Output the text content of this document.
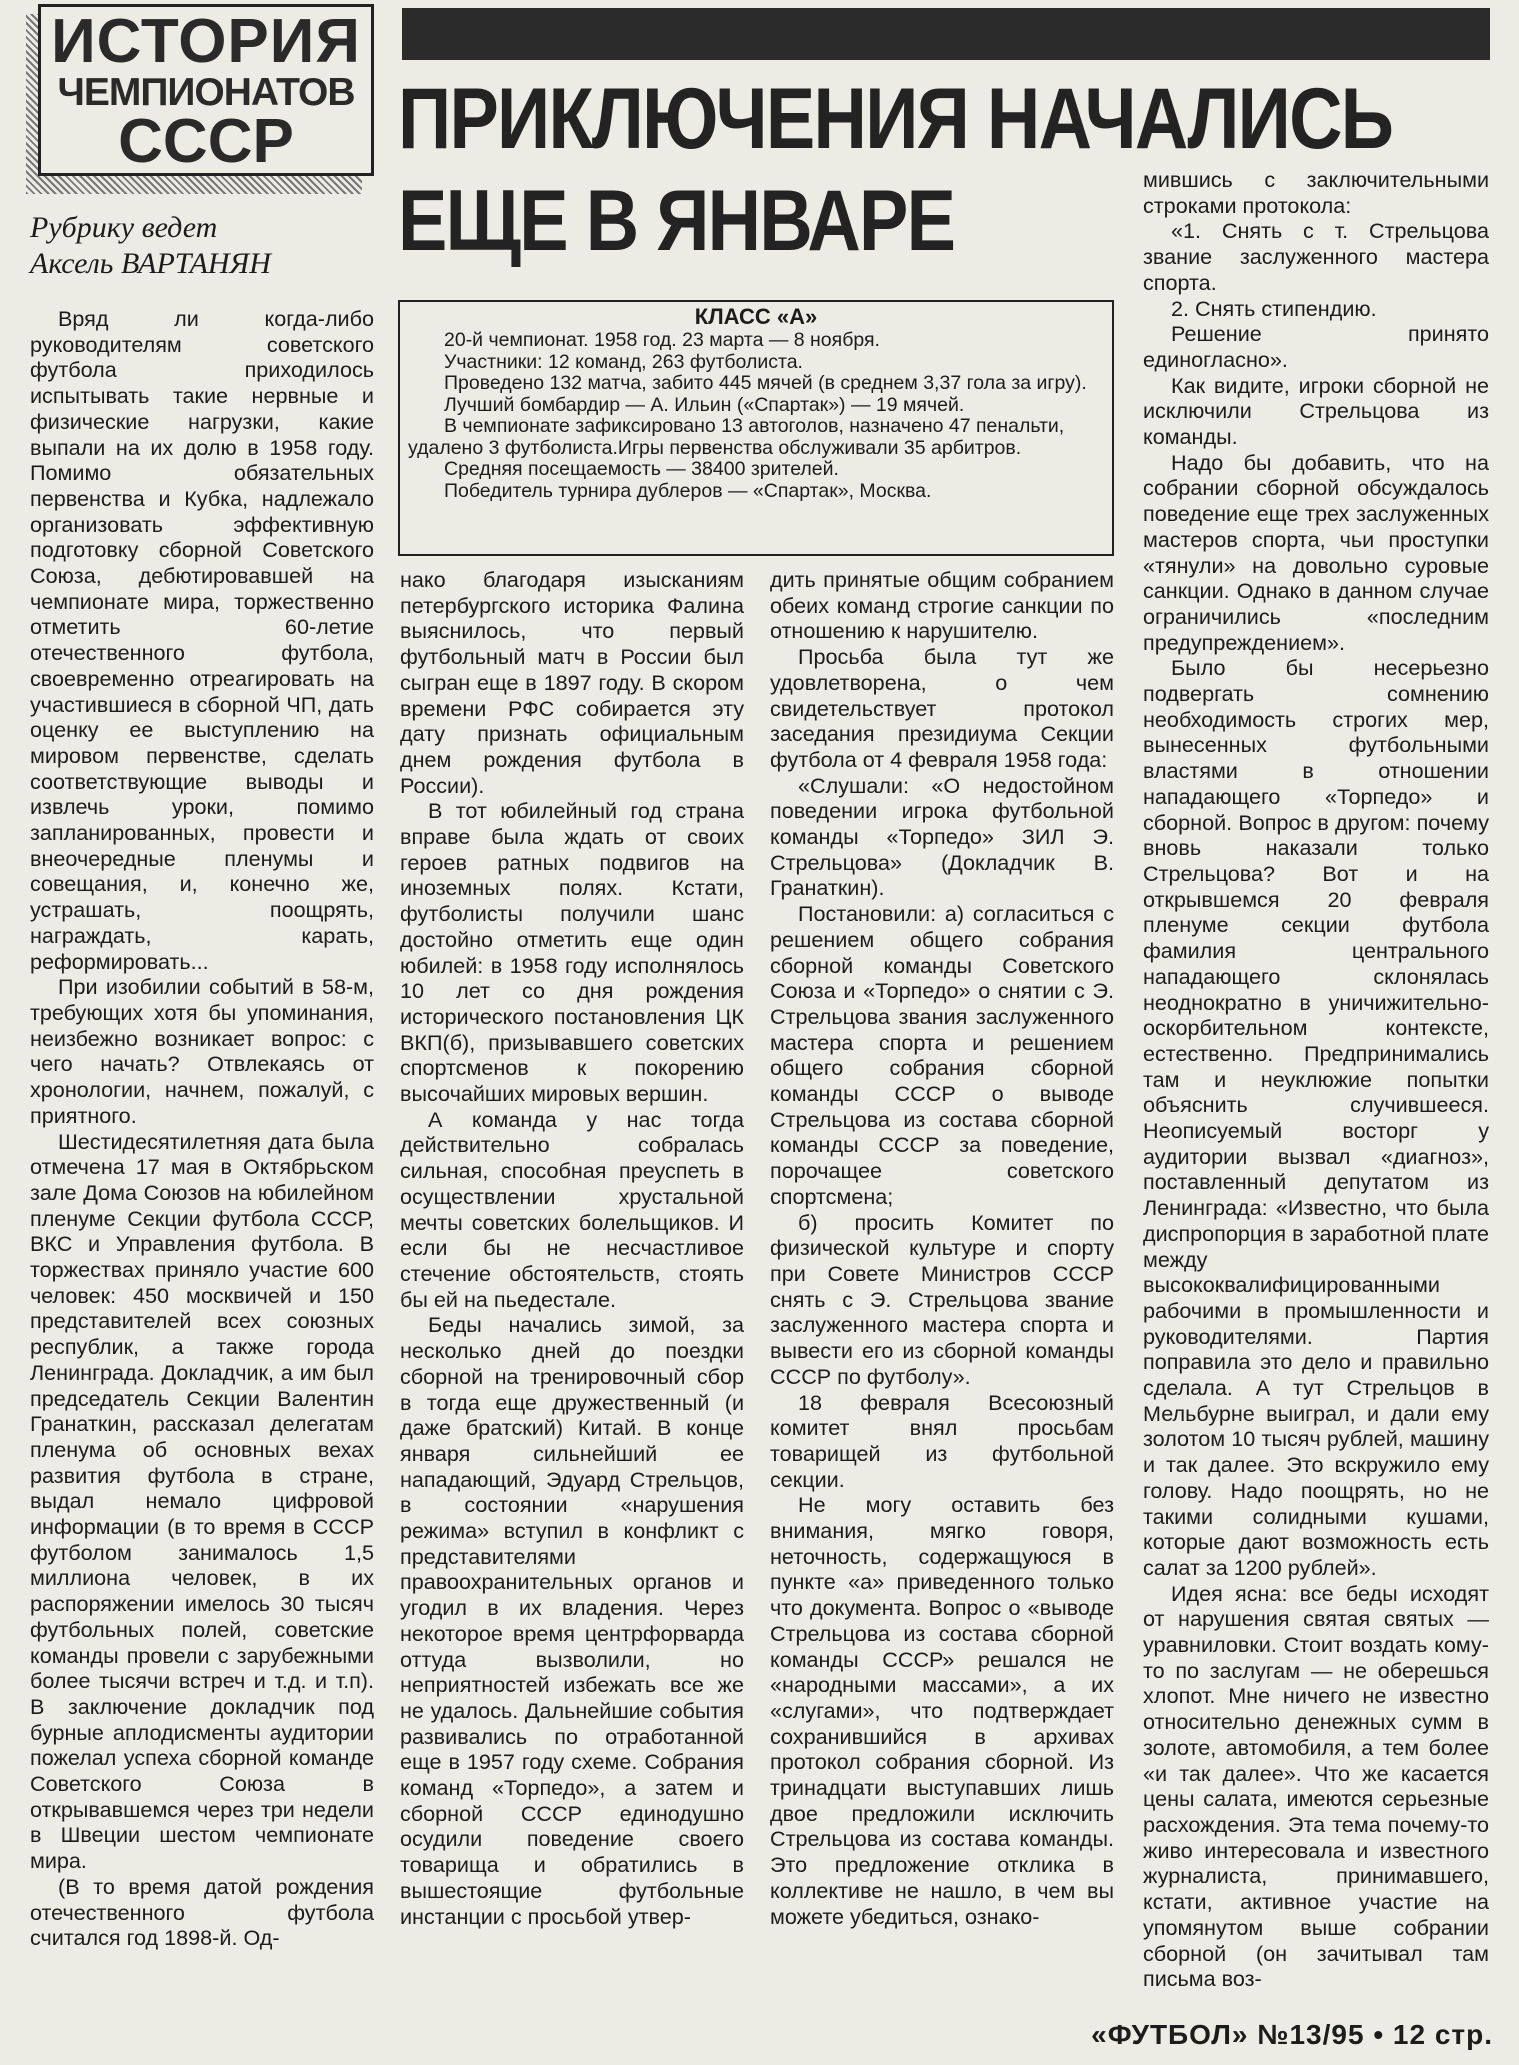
ИСТОРИЯ
ЧЕМПИОНАТОВ
СССР
Рубрику ведет
Аксель ВАРТАНЯН
ПРИКЛЮЧЕНИЯ НАЧАЛИСЬ
ЕЩЕ В ЯНВАРЕ
КЛАСС «А»
20-й чемпионат. 1958 год. 23 марта — 8 ноября.
Участники: 12 команд, 263 футболиста.
Проведено 132 матча, забито 445 мячей (в среднем 3,37 гола за игру).
Лучший бомбардир — А. Ильин («Спартак») — 19 мячей.
В чемпионате зафиксировано 13 автоголов, назначено 47 пенальти, удалено 3 футболиста.Игры первенства обслуживали 35 арбитров.
Средняя посещаемость — 38400 зрителей.
Победитель турнира дублеров — «Спартак», Москва.

Вряд ли когда-либо руководителям советского футбола приходилось испытывать такие нервные и физические нагрузки, какие выпали на их долю в 1958 году. Помимо обязательных первенства и Кубка, надлежало организовать эффективную подготовку сборной Советского Союза, дебютировавшей на чемпионате мира, торжественно отметить 60-летие отечественного футбола, своевременно отреагировать на участившиеся в сборной ЧП, дать оценку ее выступлению на мировом первенстве, сделать соответствующие выводы и извлечь уроки, помимо запланированных, провести и внеочередные пленумы и совещания, и, конечно же, устрашать, поощрять, награждать, карать, реформировать...

При изобилии событий в 58-м, требующих хотя бы упоминания, неизбежно возникает вопрос: с чего начать? Отвлекаясь от хронологии, начнем, пожалуй, с приятного.

Шестидесятилетняя дата была отмечена 17 мая в Октябрьском зале Дома Союзов на юбилейном пленуме Секции футбола СССР, ВКС и Управления футбола. В торжествах приняло участие 600 человек: 450 москвичей и 150 представителей всех союзных республик, а также города Ленинграда. Докладчик, а им был председатель Секции Валентин Гранаткин, рассказал делегатам пленума об основных вехах развития футбола в стране, выдал немало цифровой информации (в то время в СССР футболом занималось 1,5 миллиона человек, в их распоряжении имелось 30 тысяч футбольных полей, советские команды провели с зарубежными более тысячи встреч и т.д. и т.п). В заключение докладчик под бурные аплодисменты аудитории пожелал успеха сборной команде Советского Союза в открывавшемся через три недели в Швеции шестом чемпионате мира.

(В то время датой рождения отечественного футбола считался год 1898-й. Од-

нако благодаря изысканиям петербургского историка Фалина выяснилось, что первый футбольный матч в России был сыгран еще в 1897 году. В скором времени РФС собирается эту дату признать официальным днем рождения футбола в России).

В тот юбилейный год страна вправе была ждать от своих героев ратных подвигов на иноземных полях. Кстати, футболисты получили шанс достойно отметить еще один юбилей: в 1958 году исполнялось 10 лет со дня рождения исторического постановления ЦК ВКП(б), призывавшего советских спортсменов к покорению высочайших мировых вершин.

А команда у нас тогда действительно собралась сильная, способная преуспеть в осуществлении хрустальной мечты советских болельщиков. И если бы не несчастливое стечение обстоятельств, стоять бы ей на пьедестале.

Беды начались зимой, за несколько дней до поездки сборной на тренировочный сбор в тогда еще дружественный (и даже братский) Китай. В конце января сильнейший ее нападающий, Эдуард Стрельцов, в состоянии «нарушения режима» вступил в конфликт с представителями правоохранительных органов и угодил в их владения. Через некоторое время центрфорварда оттуда вызволили, но неприятностей избежать все же не удалось. Дальнейшие события развивались по отработанной еще в 1957 году схеме. Собрания команд «Торпедо», а затем и сборной СССР единодушно осудили поведение своего товарища и обратились в вышестоящие футбольные инстанции с просьбой утвер-

дить принятые общим собранием обеих команд строгие санкции по отношению к нарушителю.

Просьба была тут же удовлетворена, о чем свидетельствует протокол заседания президиума Секции футбола от 4 февраля 1958 года:

«Слушали: «О недостойном поведении игрока футбольной команды «Торпедо» ЗИЛ Э. Стрельцова» (Докладчик В. Гранаткин).

Постановили: а) согласиться с решением общего собрания сборной команды Советского Союза и «Торпедо» о снятии с Э. Стрельцова звания заслуженного мастера спорта и решением общего собрания сборной команды СССР о выводе Стрельцова из состава сборной команды СССР за поведение, порочащее советского спортсмена;

б) просить Комитет по физической культуре и спорту при Совете Министров СССР снять с Э. Стрельцова звание заслуженного мастера спорта и вывести его из сборной команды СССР по футболу».

18 февраля Всесоюзный комитет внял просьбам товарищей из футбольной секции.

Не могу оставить без внимания, мягко говоря, неточность, содержащуюся в пункте «а» приведенного только что документа. Вопрос о «выводе Стрельцова из состава сборной команды СССР» решался не «народными массами», а их «слугами», что подтверждает сохранившийся в архивах протокол собрания сборной. Из тринадцати выступавших лишь двое предложили исключить Стрельцова из состава команды. Это предложение отклика в коллективе не нашло, в чем вы можете убедиться, ознако-

мившись с заключительными строками протокола:

«1. Снять с т. Стрельцова звание заслуженного мастера спорта.

2. Снять стипендию.

Решение принято единогласно».

Как видите, игроки сборной не исключили Стрельцова из команды.

Надо бы добавить, что на собрании сборной обсуждалось поведение еще трех заслуженных мастеров спорта, чьи проступки «тянули» на довольно суровые санкции. Однако в данном случае ограничились «последним предупреждением».

Было бы несерьезно подвергать сомнению необходимость строгих мер, вынесенных футбольными властями в отношении нападающего «Торпедо» и сборной. Вопрос в другом: почему вновь наказали только Стрельцова? Вот и на открывшемся 20 февраля пленуме секции футбола фамилия центрального нападающего склонялась неоднократно в уничижительно-оскорбительном контексте, естественно. Предпринимались там и неуклюжие попытки объяснить случившееся. Неописуемый восторг у аудитории вызвал «диагноз», поставленный депутатом из Ленинграда: «Известно, что была диспропорция в заработной плате между высококвалифицированными рабочими в промышленности и руководителями. Партия поправила это дело и правильно сделала. А тут Стрельцов в Мельбурне выиграл, и дали ему золотом 10 тысяч рублей, машину и так далее. Это вскружило ему голову. Надо поощрять, но не такими солидными кушами, которые дают возможность есть салат за 1200 рублей».

Идея ясна: все беды исходят от нарушения святая святых — уравниловки. Стоит воздать кому-то по заслугам — не оберешься хлопот. Мне ничего не известно относительно денежных сумм в золоте, автомобиля, а тем более «и так далее». Что же касается цены салата, имеются серьезные расхождения. Эта тема почему-то живо интересовала и известного журналиста, принимавшего, кстати, активное участие на упомянутом выше собрании сборной (он зачитывал там письма воз-

«ФУТБОЛ» №13/95 • 12 стр.
